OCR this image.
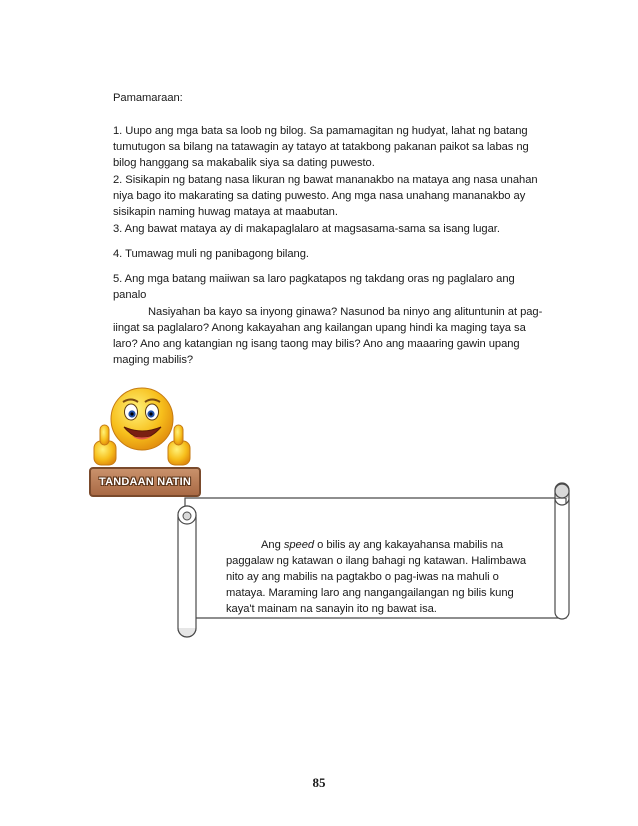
Pamamaraan:
1. Uupo ang mga bata sa loob ng bilog. Sa pamamagitan ng hudyat, lahat ng batang tumutugon sa bilang na tatawagin ay tatayo at tatakbong pakanan paikot sa labas ng bilog hanggang sa makabalik siya sa dating puwesto.
2. Sisikapin ng batang nasa likuran ng bawat mananakbo na mataya ang nasa unahan niya bago ito makarating sa dating puwesto. Ang mga nasa unahang mananakbo ay sisikapin naming huwag mataya at maabutan.
3. Ang bawat mataya ay di makapaglalaro at magsasama-sama sa isang lugar.
4. Tumawag muli ng panibagong bilang.
5. Ang mga batang maiiwan sa laro pagkatapos ng takdang oras ng paglalaro ang panalo
Nasiyahan ba kayo sa inyong ginawa? Nasunod ba ninyo ang alituntunin at pag-iingat sa paglalaro? Anong kakayahan ang kailangan upang hindi ka maging taya sa laro? Ano ang katangian ng isang taong may bilis? Ano ang maaaring gawin upang maging mabilis?
TANDAAN NATIN
Ang speed o bilis ay ang kakayahansa mabilis na paggalaw ng katawan o ilang bahagi ng katawan. Halimbawa nito ay ang mabilis na pagtakbo o pag-iwas na mahuli o mataya. Maraming laro ang nangangailangan ng bilis kung kaya't mainam na sanayin ito ng bawat isa.
85
